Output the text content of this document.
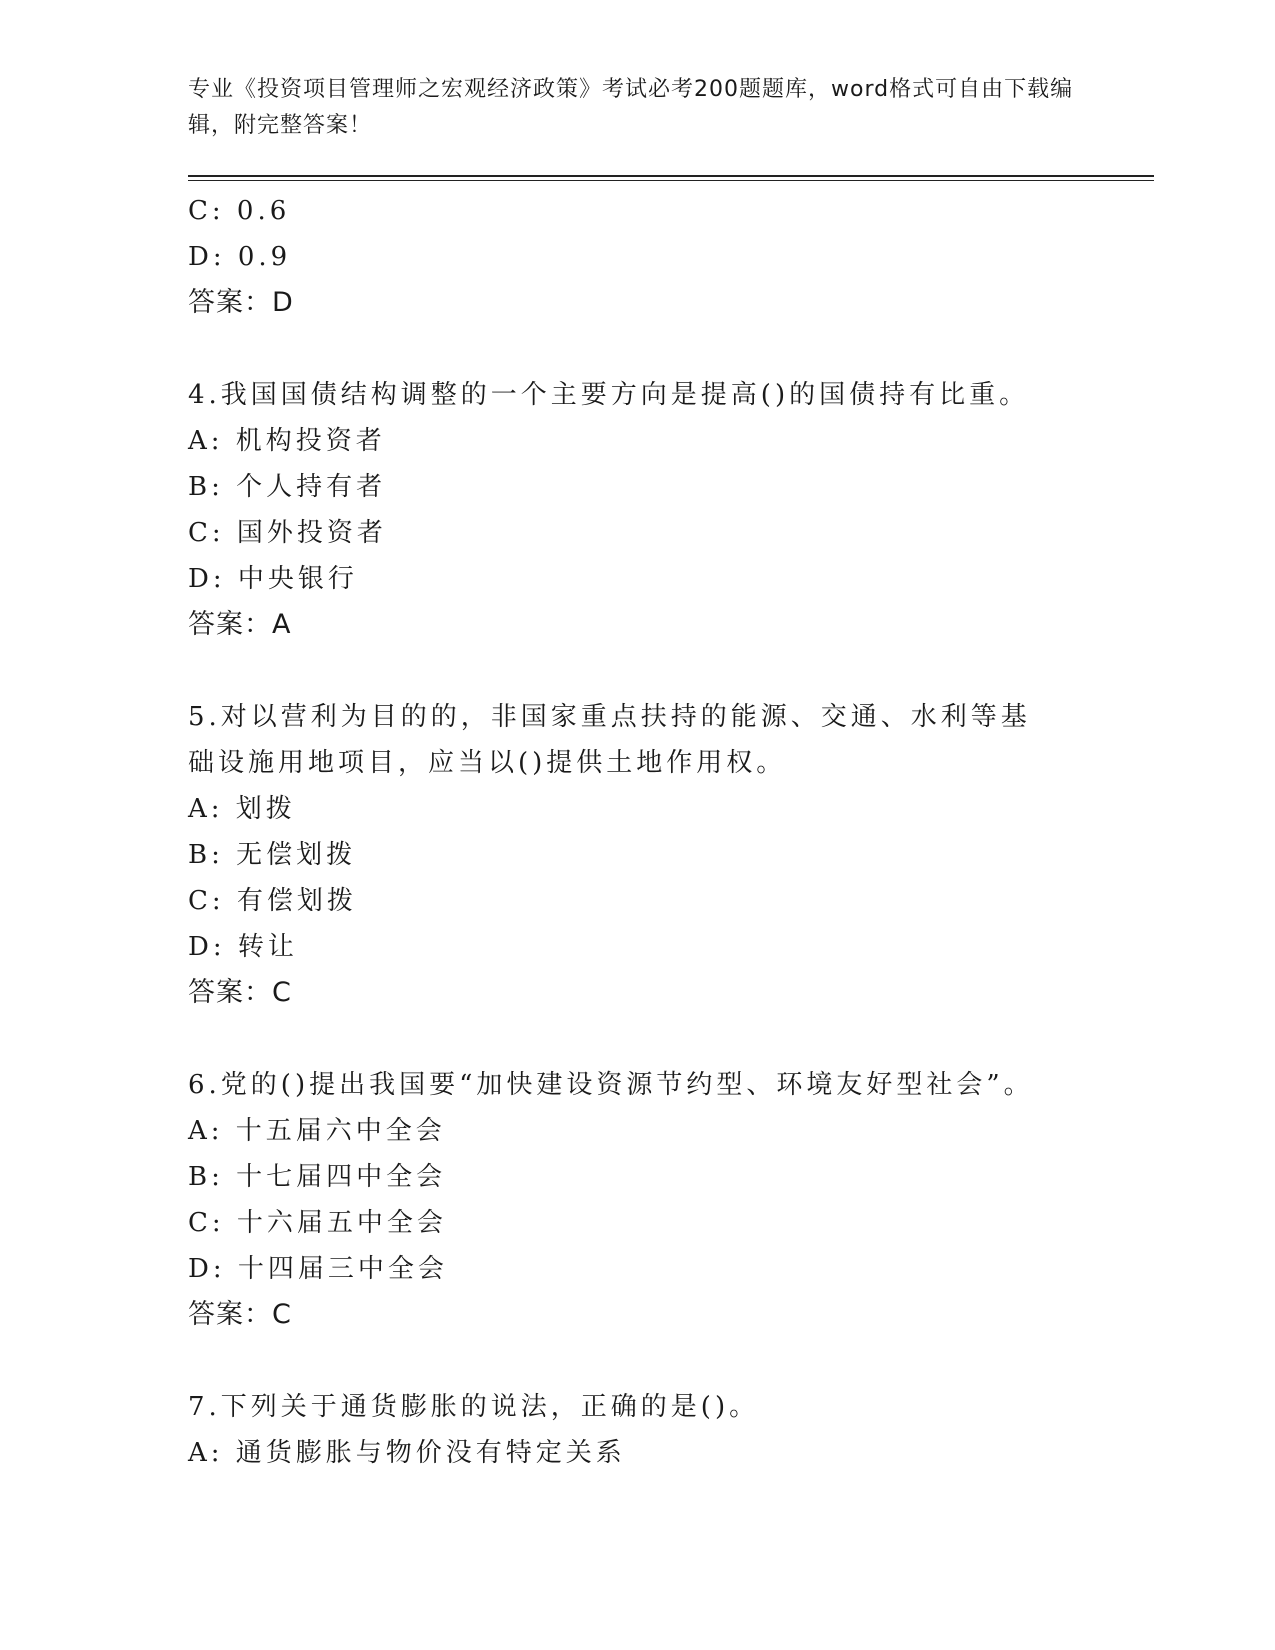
专业《投资项目管理师之宏观经济政策》考试必考200题题库，word格式可自由下载编辑，附完整答案！
C: 0.6
D: 0.9
答案：D
4.我国国债结构调整的一个主要方向是提高()的国债持有比重。
A: 机构投资者
B: 个人持有者
C: 国外投资者
D: 中央银行
答案：A
5.对以营利为目的的，非国家重点扶持的能源、交通、水利等基础设施用地项目，应当以()提供土地作用权。
A: 划拨
B: 无偿划拨
C: 有偿划拨
D: 转让
答案：C
6.党的()提出我国要“加快建设资源节约型、环境友好型社会”。
A: 十五届六中全会
B: 十七届四中全会
C: 十六届五中全会
D: 十四届三中全会
答案：C
7.下列关于通货膨胀的说法，正确的是()。
A: 通货膨胀与物价没有特定关系
